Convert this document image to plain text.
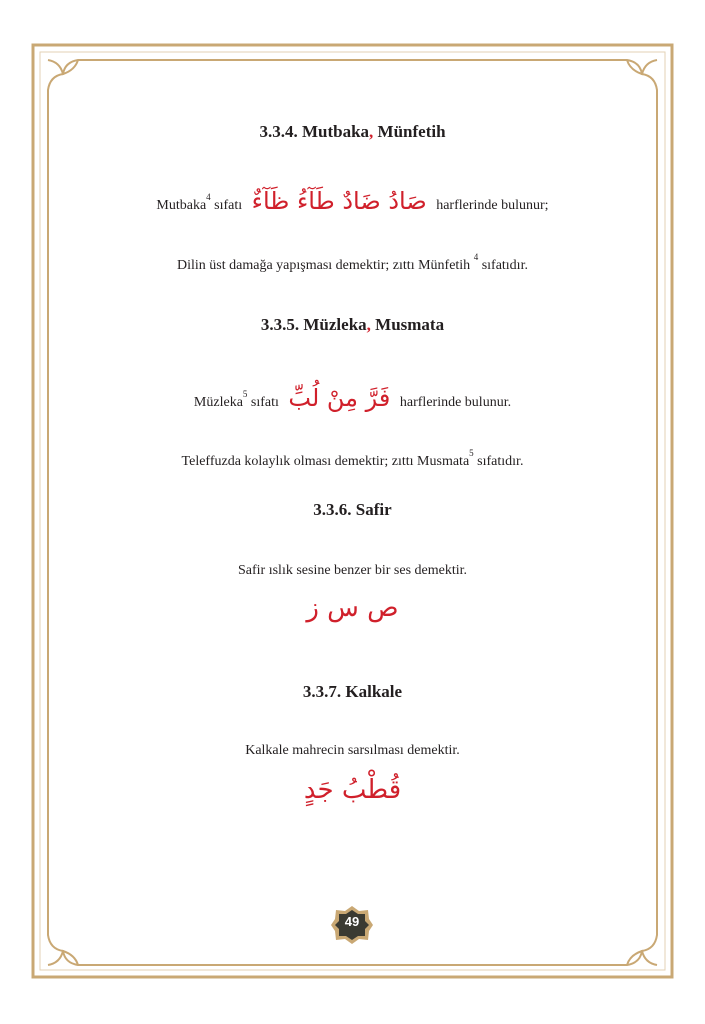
3.3.4. Mutbaka, Münfetih
Mutbaka$^4$ sıfatı صَادُ ضَادٌ طَآءُ ظَآءٌ harflerinde bulunur;
Dilin üst damağa yapışması demektir; zıttı Münfetih $^4$ sıfatıdır.
3.3.5. Müzleka, Musmata
Müzleka$^5$ sıfatı فَرَّ مِنْ لُبِّ harflerinde bulunur.
Teleffuzda kolaylık olması demektir; zıttı Musmata$^5$ sıfatıdır.
3.3.6. Safir
Safir ıslık sesine benzer bir ses demektir.
ص س ز
3.3.7. Kalkale
Kalkale mahrecin sarsılması demektir.
قُطْبُ جَدٍ
49
